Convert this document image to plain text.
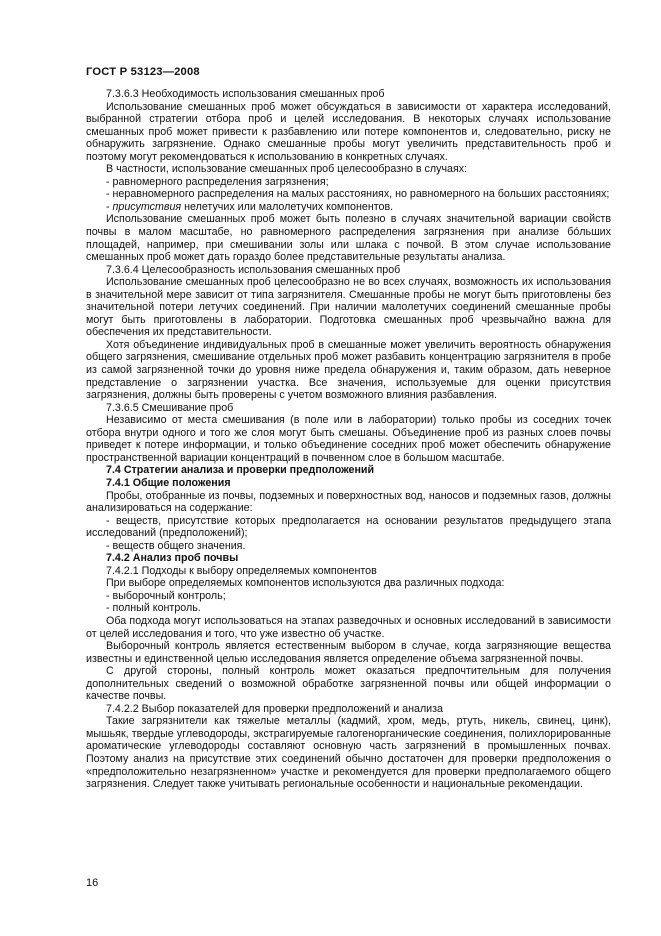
ГОСТ Р 53123—2008

7.3.6.3 Необходимость использования смешанных проб

Использование смешанных проб может обсуждаться в зависимости от характера исследований, выбранной стратегии отбора проб и целей исследования. В некоторых случаях использование смешанных проб может привести к разбавлению или потере компонентов и, следовательно, риску не обнаружить загрязнение. Однако смешанные пробы могут увеличить представительность проб и поэтому могут рекомендоваться к использованию в конкретных случаях.

В частности, использование смешанных проб целесообразно в случаях:

- равномерного распределения загрязнения;

- неравномерного распределения на малых расстояниях, но равномерного на больших расстояниях;

- присутствия нелетучих или малолетучих компонентов.

Использование смешанных проб может быть полезно в случаях значительной вариации свойств почвы в малом масштабе, но равномерного распределения загрязнения при анализе бóльших площадей, например, при смешивании золы или шлака с почвой. В этом случае использование смешанных проб может дать гораздо более представительные результаты анализа.

7.3.6.4 Целесообразность использования смешанных проб

Использование смешанных проб целесообразно не во всех случаях, возможность их использования в значительной мере зависит от типа загрязнителя. Смешанные пробы не могут быть приготовлены без значительной потери летучих соединений. При наличии малолетучих соединений смешанные пробы могут быть приготовлены в лаборатории. Подготовка смешанных проб чрезвычайно важна для обеспечения их представительности.

Хотя объединение индивидуальных проб в смешанные может увеличить вероятность обнаружения общего загрязнения, смешивание отдельных проб может разбавить концентрацию загрязнителя в пробе из самой загрязненной точки до уровня ниже предела обнаружения и, таким образом, дать неверное представление о загрязнении участка. Все значения, используемые для оценки присутствия загрязнения, должны быть проверены с учетом возможного влияния разбавления.

7.3.6.5 Смешивание проб

Независимо от места смешивания (в поле или в лаборатории) только пробы из соседних точек отбора внутри одного и того же слоя могут быть смешаны. Объединение проб из разных слоев почвы приведет к потере информации, и только объединение соседних проб может обеспечить обнаружение пространственной вариации концентраций в почвенном слое в большом масштабе.

7.4 Стратегии анализа и проверки предположений

7.4.1 Общие положения

Пробы, отобранные из почвы, подземных и поверхностных вод, наносов и подземных газов, должны анализироваться на содержание:

- веществ, присутствие которых предполагается на основании результатов предыдущего этапа исследований (предположений);

- веществ общего значения.

7.4.2 Анализ проб почвы

7.4.2.1 Подходы к выбору определяемых компонентов

При выборе определяемых компонентов используются два различных подхода:

- выборочный контроль;

- полный контроль.

Оба подхода могут использоваться на этапах разведочных и основных исследований в зависимости от целей исследования и того, что уже известно об участке.

Выборочный контроль является естественным выбором в случае, когда загрязняющие вещества известны и единственной целью исследования является определение объема загрязненной почвы.

С другой стороны, полный контроль может оказаться предпочтительным для получения дополнительных сведений о возможной обработке загрязненной почвы или общей информации о качестве почвы.

7.4.2.2 Выбор показателей для проверки предположений и анализа

Такие загрязнители как тяжелые металлы (кадмий, хром, медь, ртуть, никель, свинец, цинк), мышьяк, твердые углеводороды, экстрагируемые галогенорганические соединения, полихлорированные ароматические углеводороды составляют основную часть загрязнений в промышленных почвах. Поэтому анализ на присутствие этих соединений обычно достаточен для проверки предположения о «предположительно незагрязненном» участке и рекомендуется для проверки предполагаемого общего загрязнения. Следует также учитывать региональные особенности и национальные рекомендации.

16
